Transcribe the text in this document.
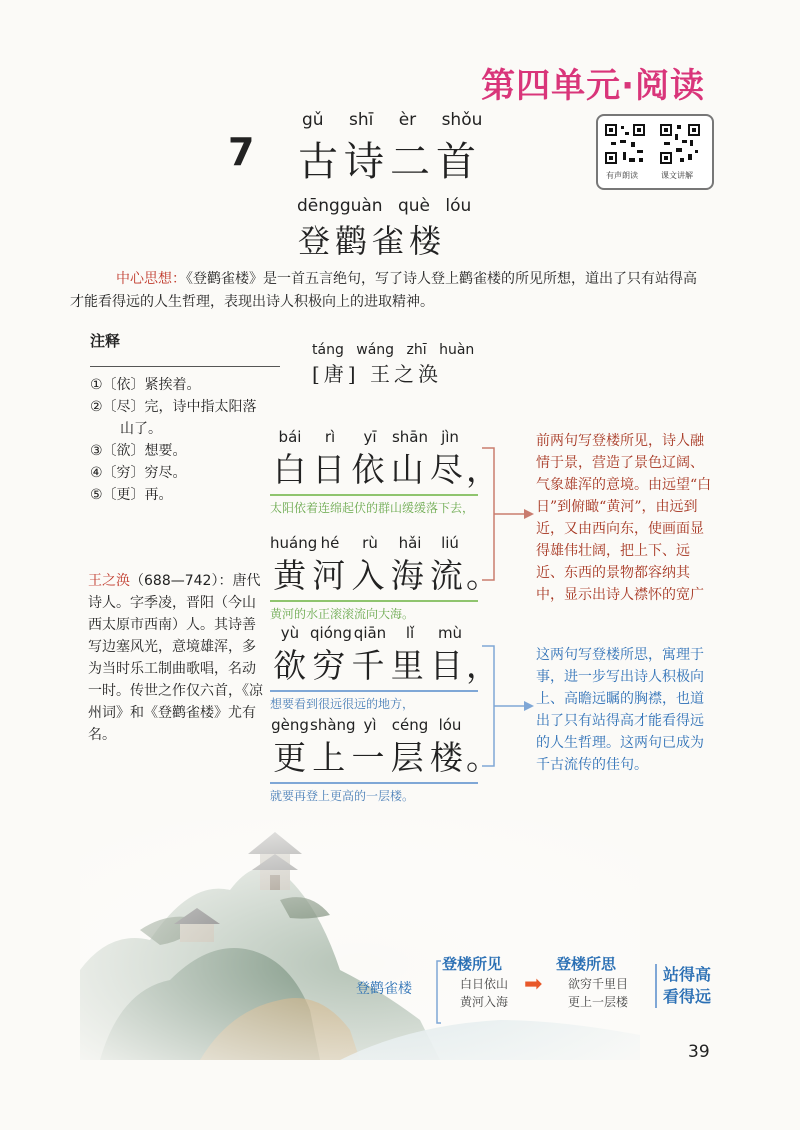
第四单元·阅读
gǔ shī èr shǒu
7 古诗二首	有声朗读	课文讲解
dēngguàn què lóu
登鹳雀楼
中心思想：《登鹳雀楼》是一首五言绝句，写了诗人登上鹳雀楼的所见所想，道出了只有站得高才能看得远的人生哲理，表现出诗人积极向上的进取精神。
注释

①〔依〕紧挨着。

②〔尽〕完，诗中指太阳落

山了。

③〔欲〕想要。

④〔穷〕穷尽。

⑤〔更〕再。

王之涣（688—742）：唐代诗人。字季凌，晋阳（今山西太原市西南）人。其诗善写边塞风光，意境雄浑，多为当时乐工制曲歌唱，名动一时。传世之作仅六首，《凉州词》和《登鹳雀楼》尤有名。
táng wáng zhī huàn
[唐] 王之涣
bái	rì	yī	shān jìn
白 日 依 山 尽 ，
太阳依着连绵起伏的群山缓缓落下去，
huáng hé	rù	hǎi	liú
黄 河 入 海 流 。
黄河的水正滚滚流向大海。
yù qióng qiān	lǐ	mù
欲 穷 千 里 目 ，
想要看到很远很远的地方，
gèng shàng yì	céng lóu
更 上 一 层 楼 。
就要再登上更高的一层楼。
前两句写登楼所见，诗人融情于景，营造了景色辽阔、气象雄浑的意境。由远望“白日”到俯瞰“黄河”，由远到近，又由西向东，使画面显得雄伟壮阔，把上下、远近、东西的景物都容纳其中，显示出诗人襟怀的宽广
这两句写登楼所思，寓理于事，进一步写出诗人积极向上、高瞻远瞩的胸襟，也道出了只有站得高才能看得远的人生哲理。这两句已成为千古流传的佳句。
登鹳雀楼
登楼所见
白日依山
黄河入海
➡
登楼所思
欲穷千里目
更上一层楼
站得高
看得远
39
